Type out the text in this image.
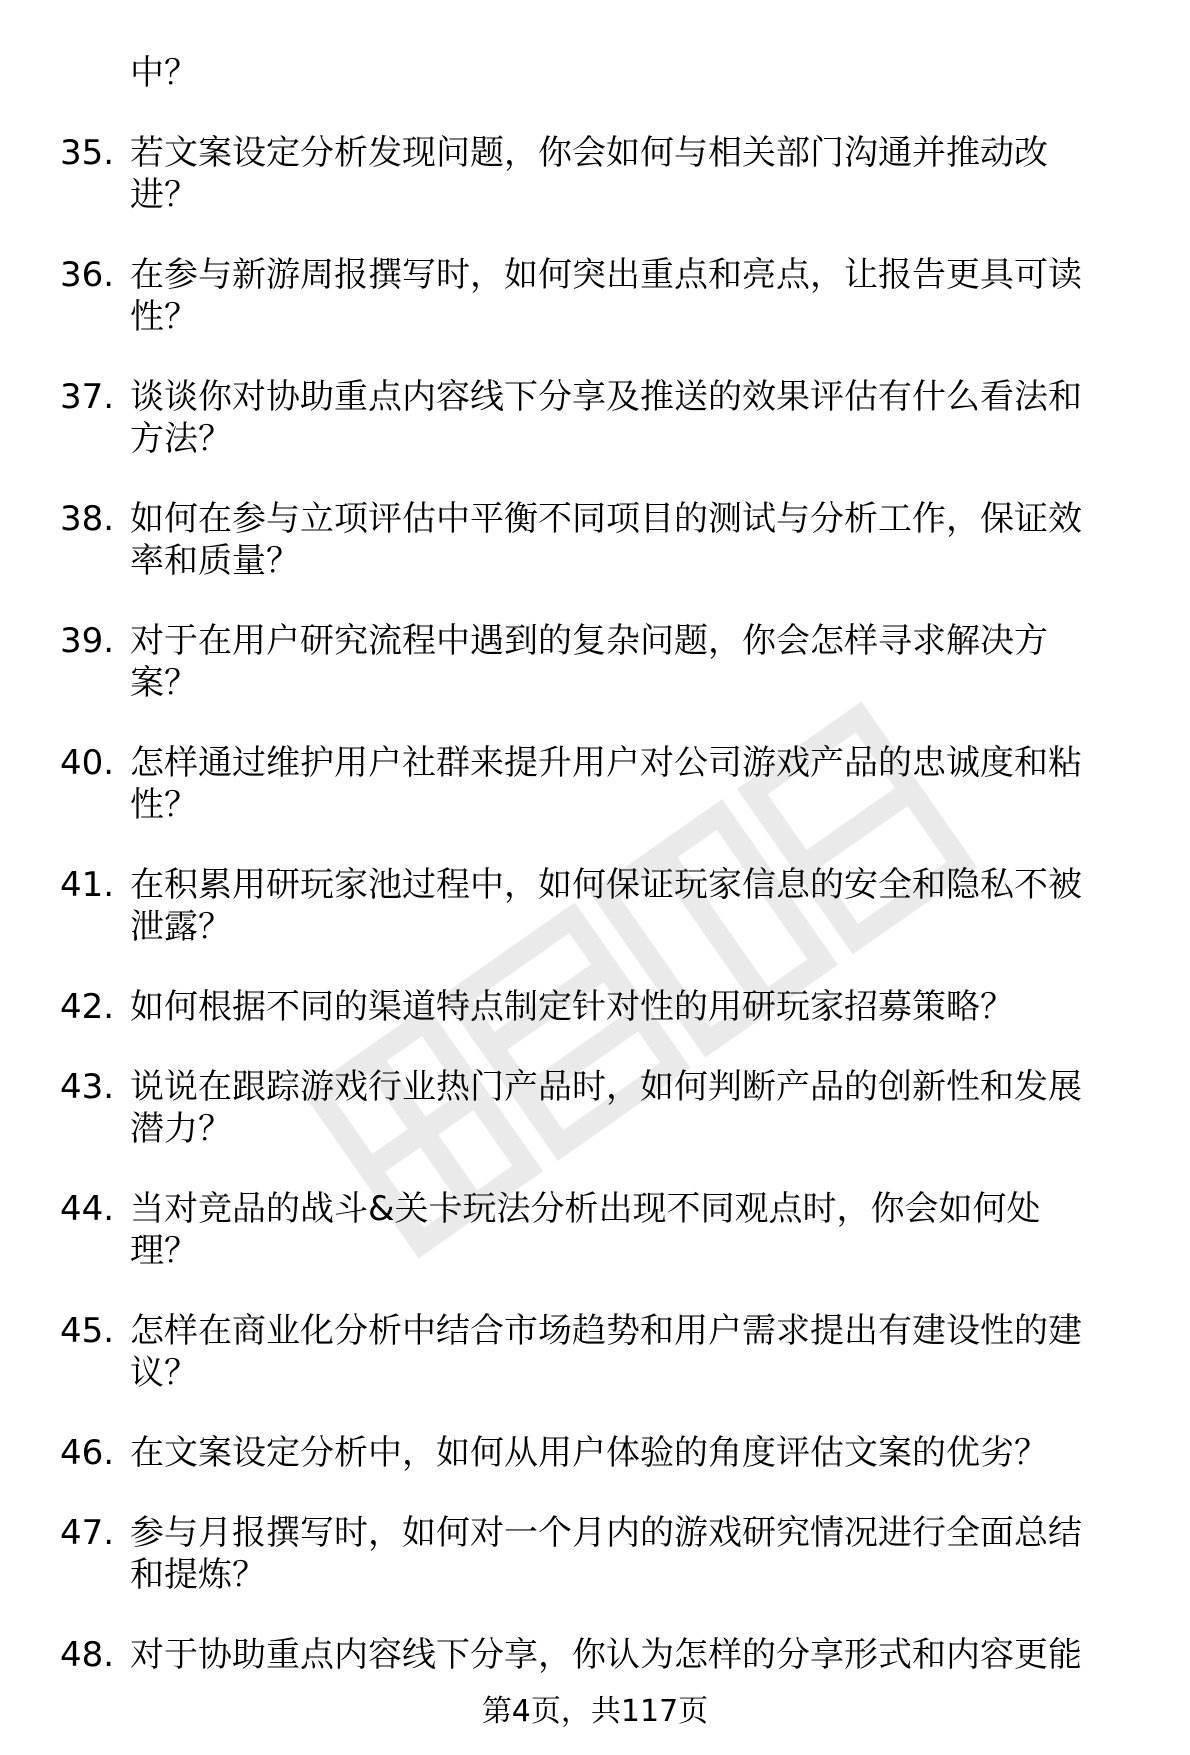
中？
35. 若文案设定分析发现问题，你会如何与相关部门沟通并推动改
进？
36. 在参与新游周报撰写时，如何突出重点和亮点，让报告更具可读
性？
37. 谈谈你对协助重点内容线下分享及推送的效果评估有什么看法和
方法？
38. 如何在参与立项评估中平衡不同项目的测试与分析工作，保证效
率和质量？
39. 对于在用户研究流程中遇到的复杂问题，你会怎样寻求解决方
案？
40. 怎样通过维护用户社群来提升用户对公司游戏产品的忠诚度和粘
性？
41. 在积累用研玩家池过程中，如何保证玩家信息的安全和隐私不被
泄露？
42. 如何根据不同的渠道特点制定针对性的用研玩家招募策略？
43. 说说在跟踪游戏行业热门产品时，如何判断产品的创新性和发展
潜力？
44. 当对竞品的战斗&关卡玩法分析出现不同观点时，你会如何处
理？
45. 怎样在商业化分析中结合市场趋势和用户需求提出有建设性的建
议？
46. 在文案设定分析中，如何从用户体验的角度评估文案的优劣？
47. 参与月报撰写时，如何对一个月内的游戏研究情况进行全面总结
和提炼？
48. 对于协助重点内容线下分享，你认为怎样的分享形式和内容更能
第4页，共117页
